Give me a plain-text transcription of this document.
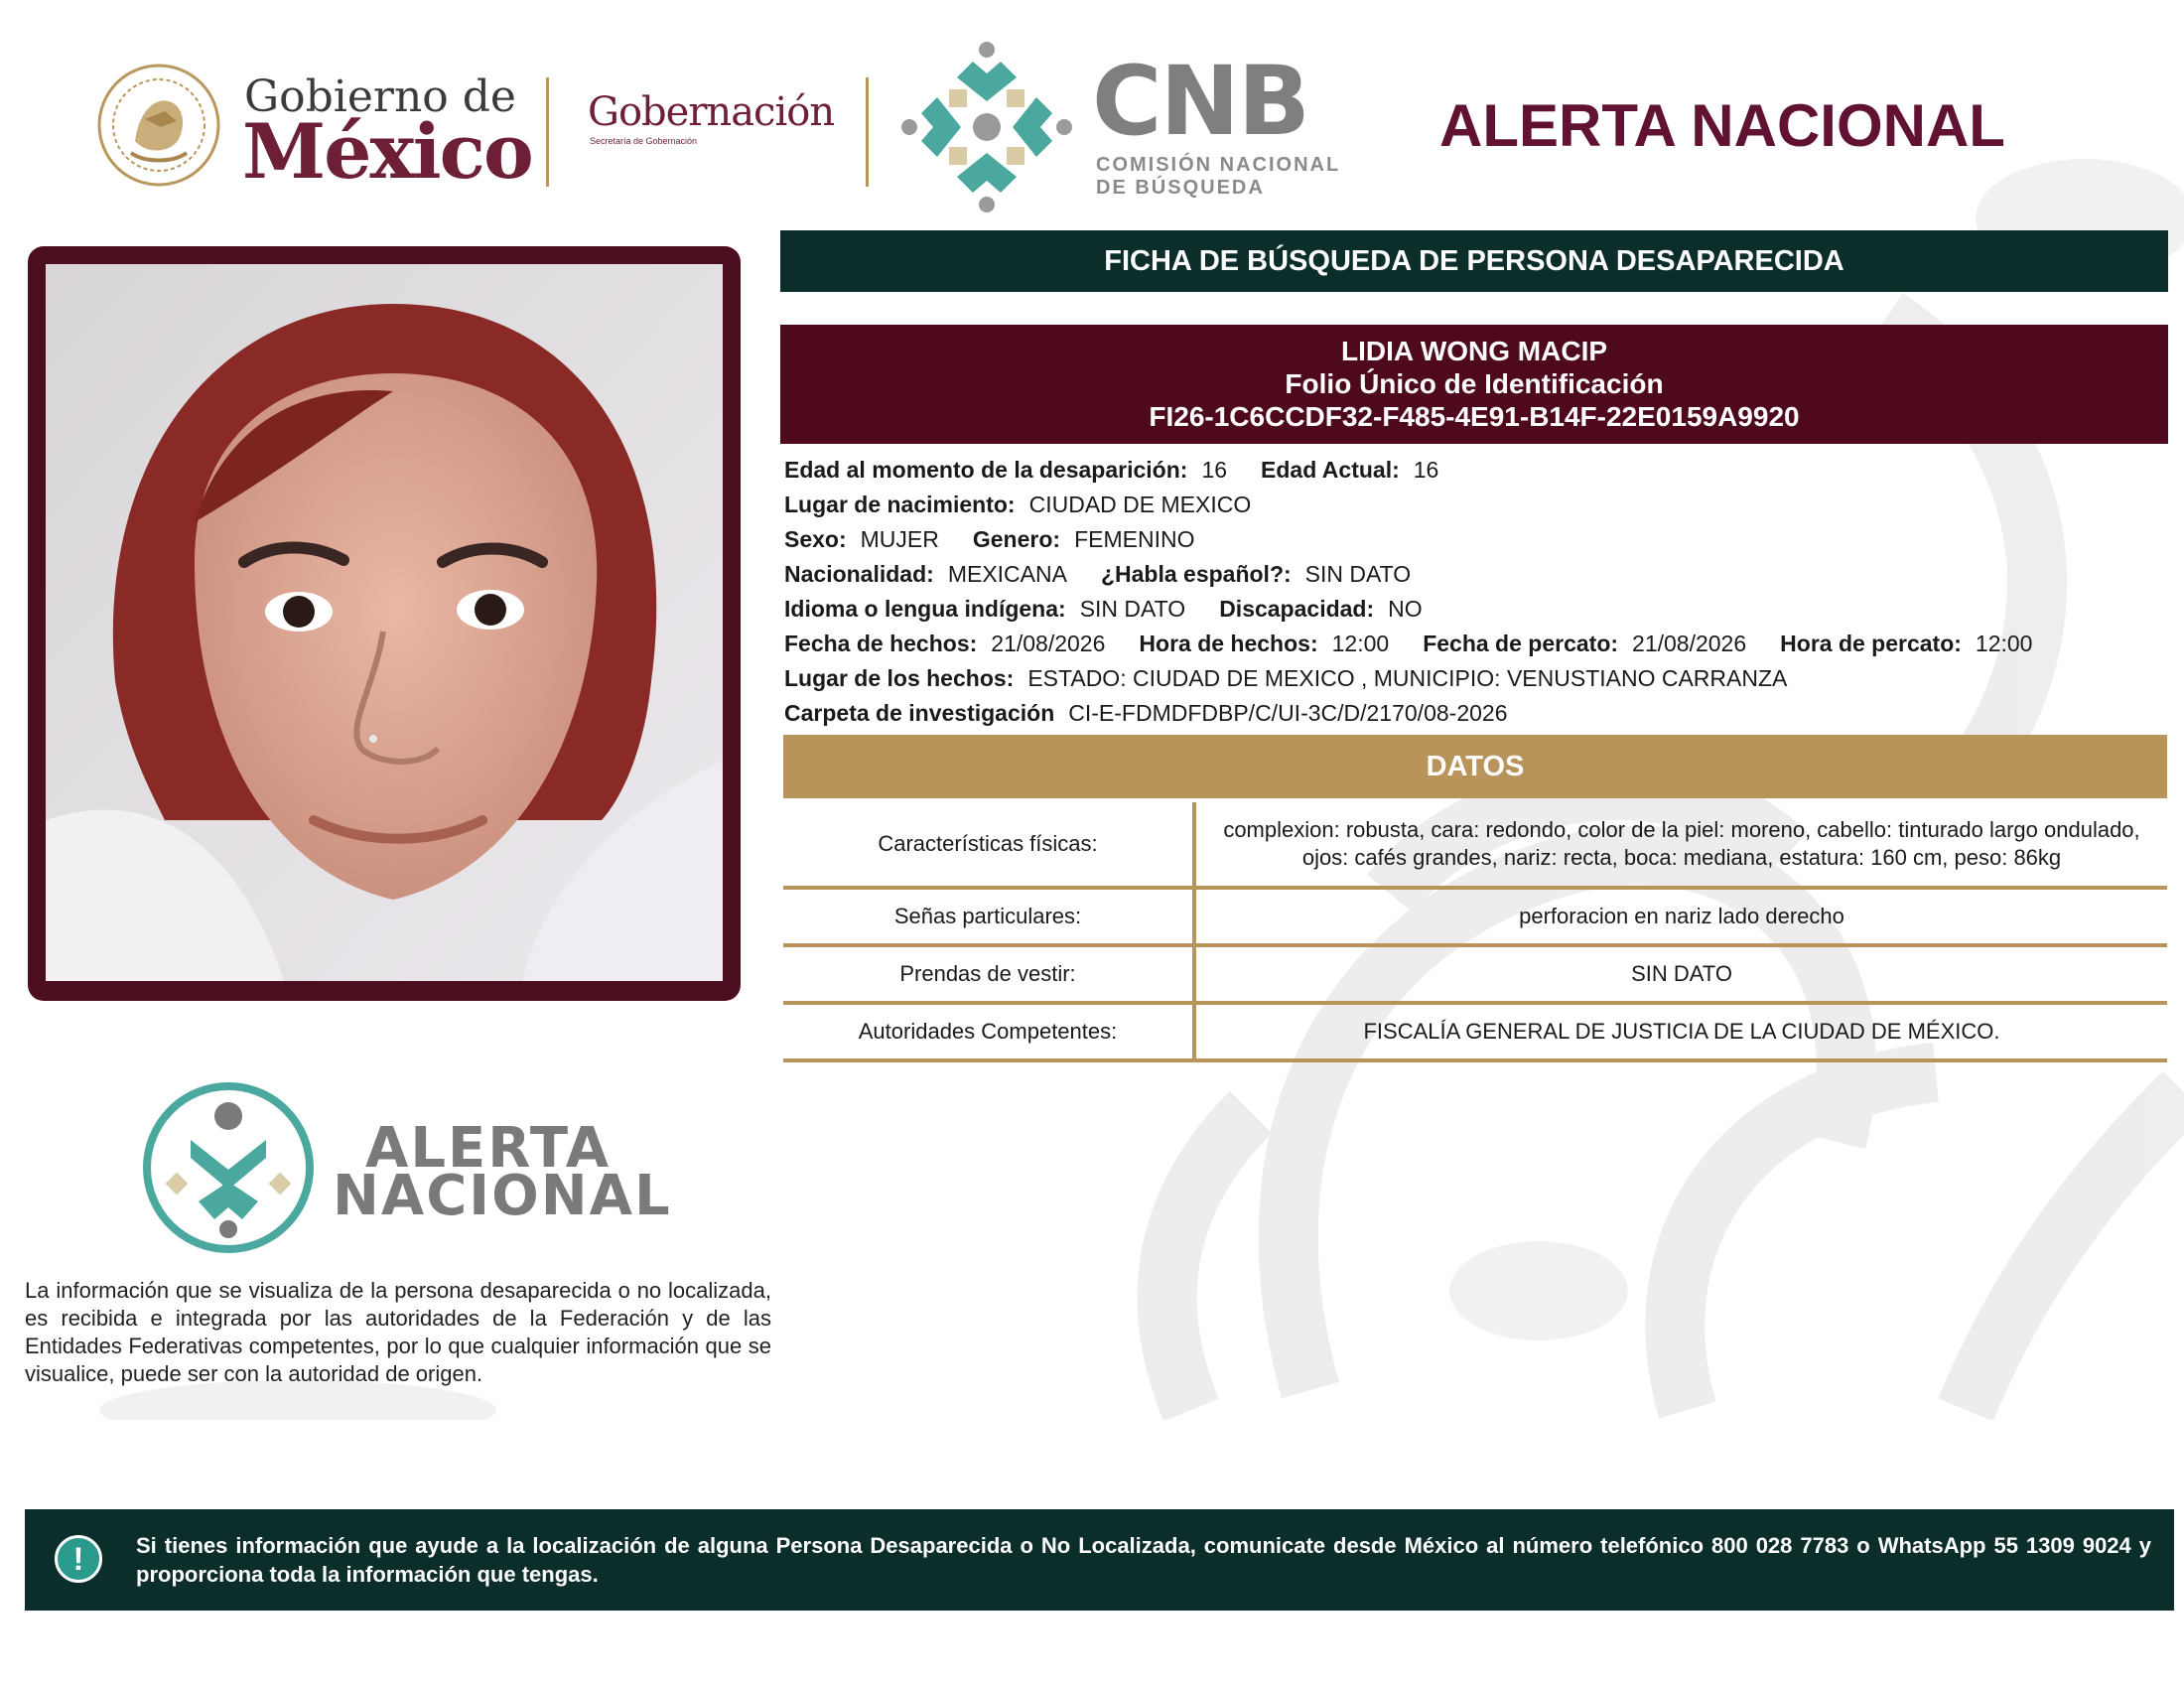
Gobierno de
México Gobernación
Secretaría de Gobernación	CNB
COMISIÓN NACIONAL
DE BÚSQUEDA
ALERTA NACIONAL
FICHA DE BÚSQUEDA DE PERSONA DESAPARECIDA
LIDIA WONG MACIP
Folio Único de Identificación
FI26-1C6CCDF32-F485-4E91-B14F-22E0159A9920
Edad al momento de la desaparición: 16 Edad Actual: 16
Lugar de nacimiento: CIUDAD DE MEXICO
Sexo: MUJER Genero: FEMENINO
Nacionalidad: MEXICANA ¿Habla español?: SIN DATO
Idioma o lengua indígena: SIN DATO Discapacidad: NO
Fecha de hechos: 21/08/2026 Hora de hechos: 12:00 Fecha de percato: 21/08/2026 Hora de percato: 12:00
Lugar de los hechos: ESTADO: CIUDAD DE MEXICO , MUNICIPIO: VENUSTIANO CARRANZA
Carpeta de investigación CI-E-FDMDFDBP/C/UI-3C/D/2170/08-2026
DATOS
Características físicas:
complexion: robusta, cara: redondo, color de la piel: moreno, cabello: tinturado largo ondulado, ojos: cafés grandes, nariz: recta, boca: mediana, estatura: 160 cm, peso: 86kg
Señas particulares:	perforacion en nariz lado derecho
Prendas de vestir:	SIN DATO
Autoridades Competentes:	FISCALÍA GENERAL DE JUSTICIA DE LA CIUDAD DE MÉXICO.
ALERTA
NACIONAL
La información que se visualiza de la persona desaparecida o no localizada, es recibida e integrada por las autoridades de la Federación y de las Entidades Federativas competentes, por lo que cualquier información que se visualice, puede ser con la autoridad de origen.
!	Si tienes información que ayude a la localización de alguna Persona Desaparecida o No Localizada, comunicate desde México al número telefónico 800 028 7783 o WhatsApp 55 1309 9024 y proporciona toda la información que tengas.
